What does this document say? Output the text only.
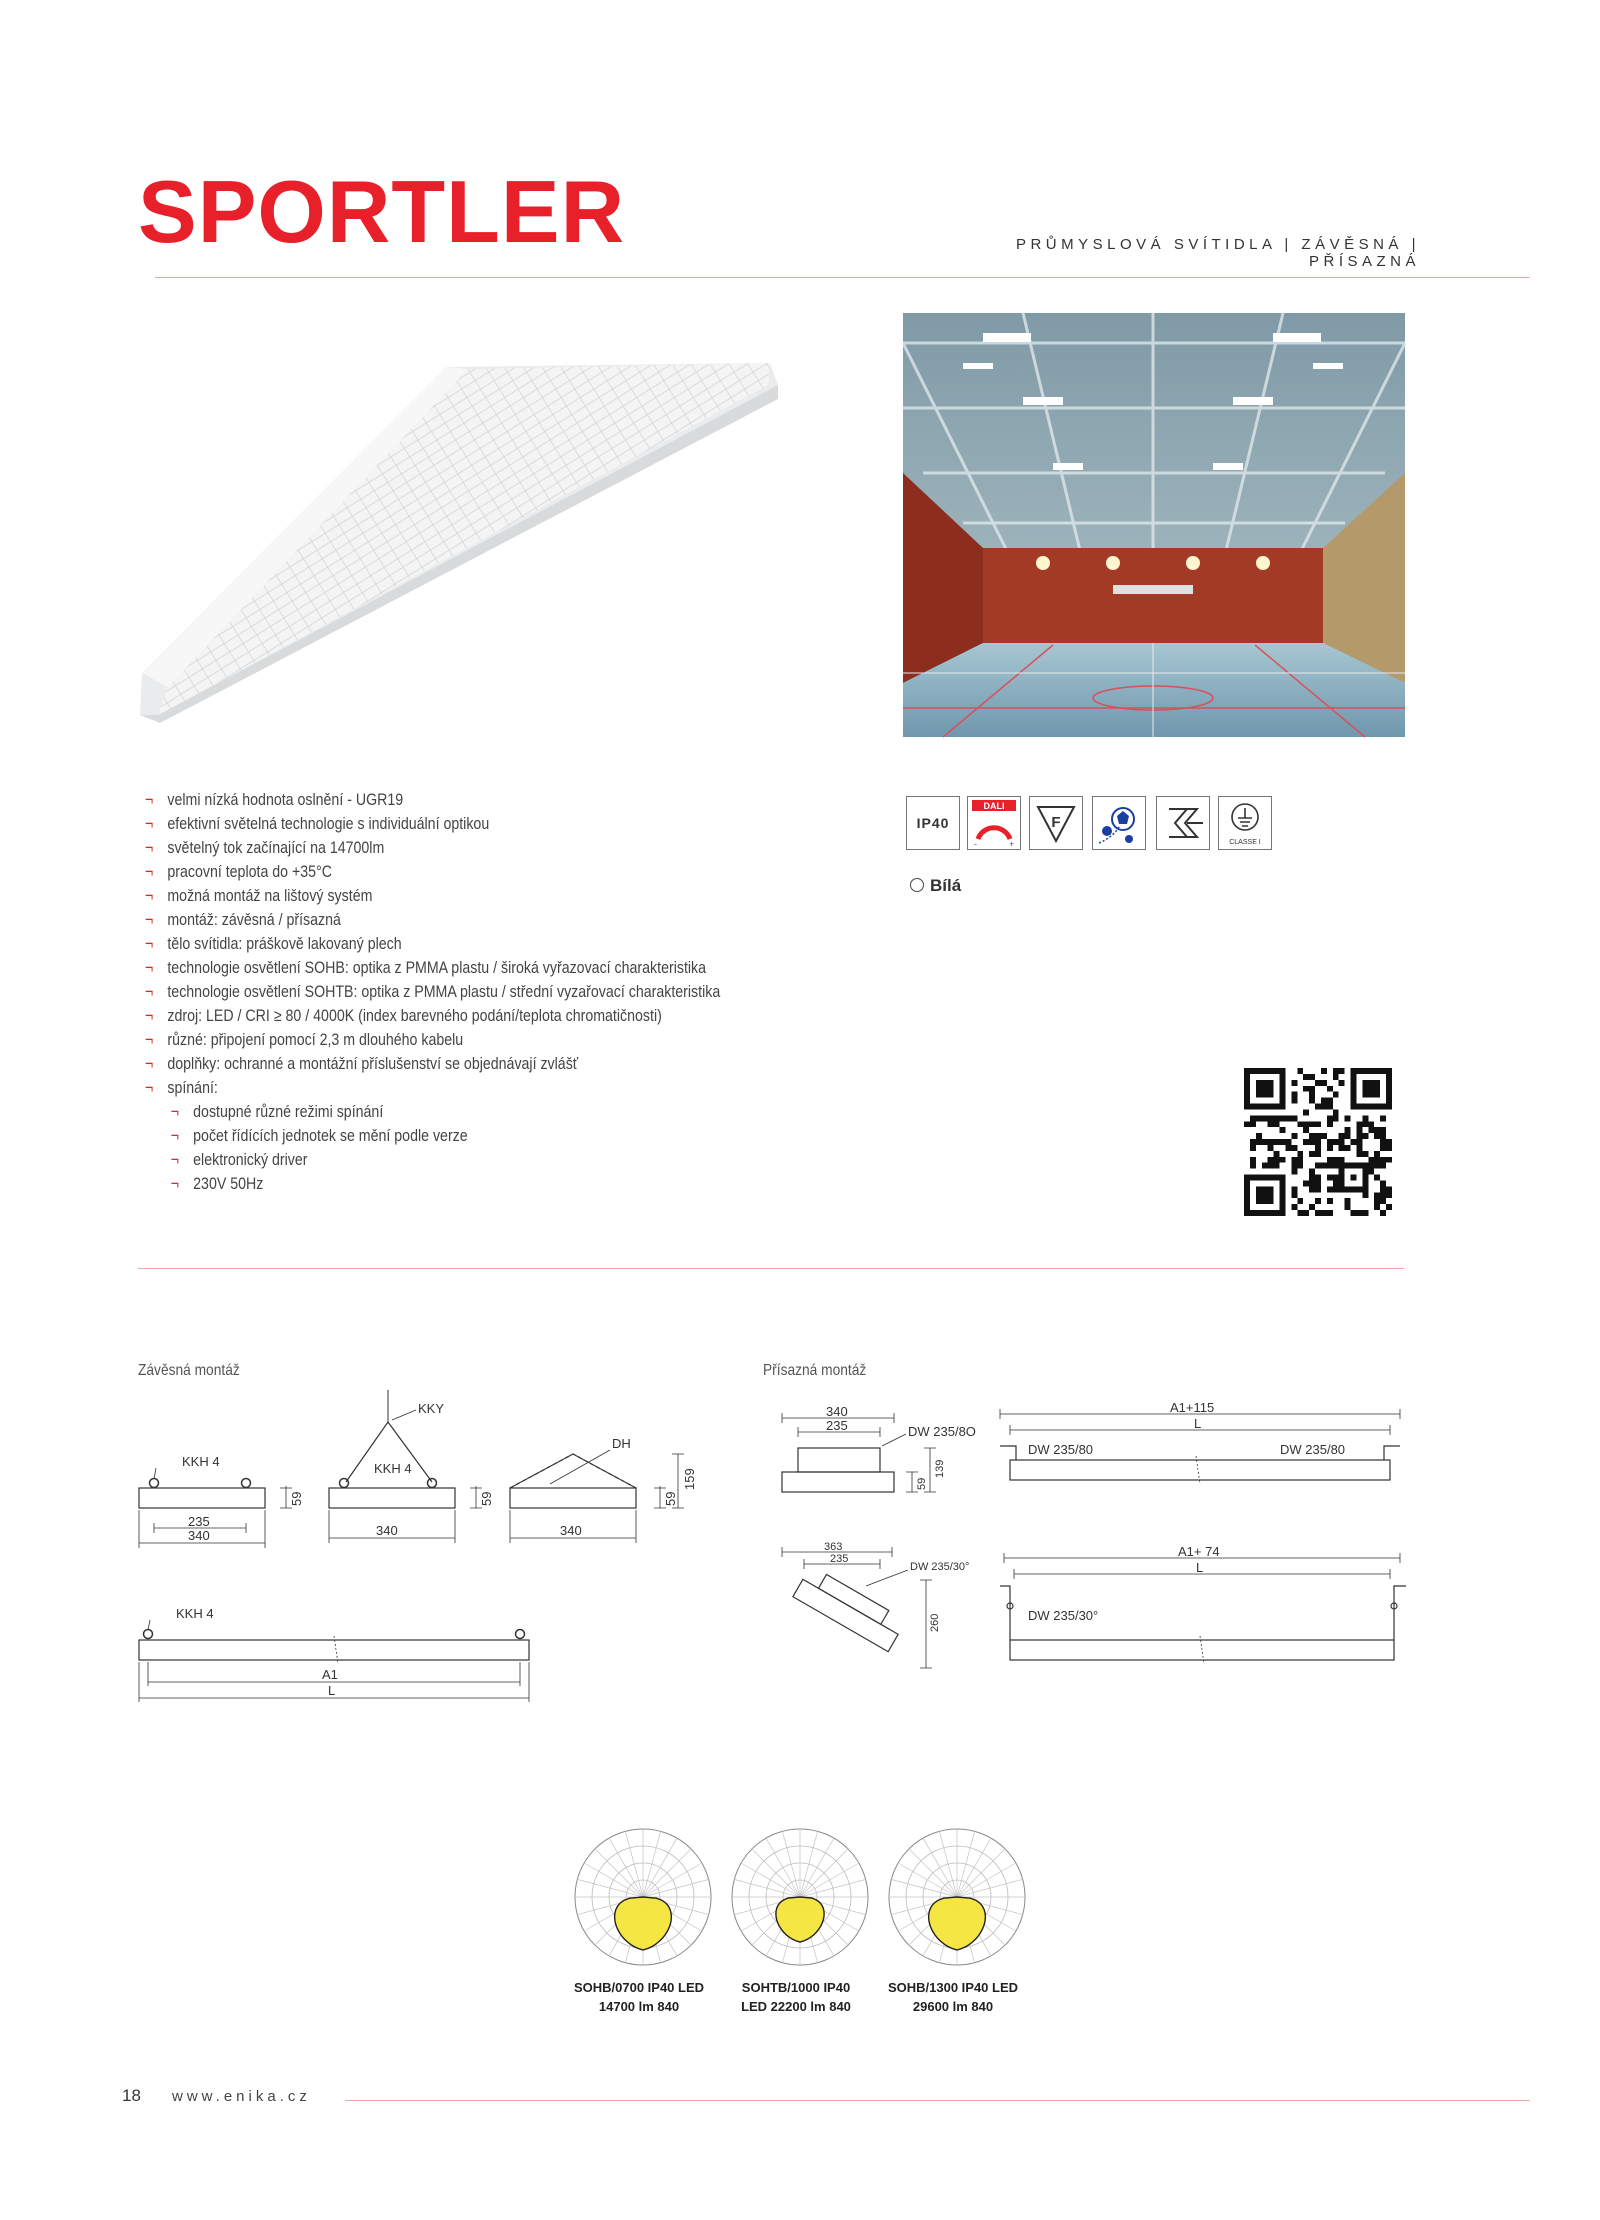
SPORTLER	PRŮMYSLOVÁ SVÍTIDLA | ZÁVĚSNÁ | PŘÍSAZNÁ
¬ velmi nízká hodnota oslnění - UGR19
¬ efektivní světelná technologie s individuální optikou
¬ světelný tok začínající na 14700lm
¬ pracovní teplota do +35°C
¬ možná montáž na lištový systém
¬ montáž: závěsná / přísazná
¬ tělo svítidla: práškově lakovaný plech
¬ technologie osvětlení SOHB: optika z PMMA plastu / široká vyřazovací charakteristika
¬ technologie osvětlení SOHTB: optika z PMMA plastu / střední vyzařovací charakteristika
¬ zdroj: LED / CRI ≥ 80 / 4000K (index barevného podání/teplota chromatičnosti)
¬ různé: připojení pomocí 2,3 m dlouhého kabelu
¬ doplňky: ochranné a montážní příslušenství se objednávají zvlášť
¬ spínání:
¬ dostupné různé režimi spínání
¬ počet řídících jednotek se mění podle verze
¬ elektronický driver
¬ 230V 50Hz
IP40
DALI
-	+
F
CLASSE I
Bílá
Závěsná montáž	Přísazná montáž
KKH 4
59
235
340
KKY
KKH 4
59
340
DH
59
159
340
KKH 4
A1
L
340
235	DW 235/8O
59
139
A1+115
L
DW 235/80	DW 235/80
363
235
DW 235/30°
260
A1+ 74
L
DW 235/30°
SOHB/0700 IP40 LED
14700 lm 840
SOHTB/1000 IP40
LED 22200 lm 840
SOHB/1300 IP40 LED
29600 lm 840
18 www.enika.cz
